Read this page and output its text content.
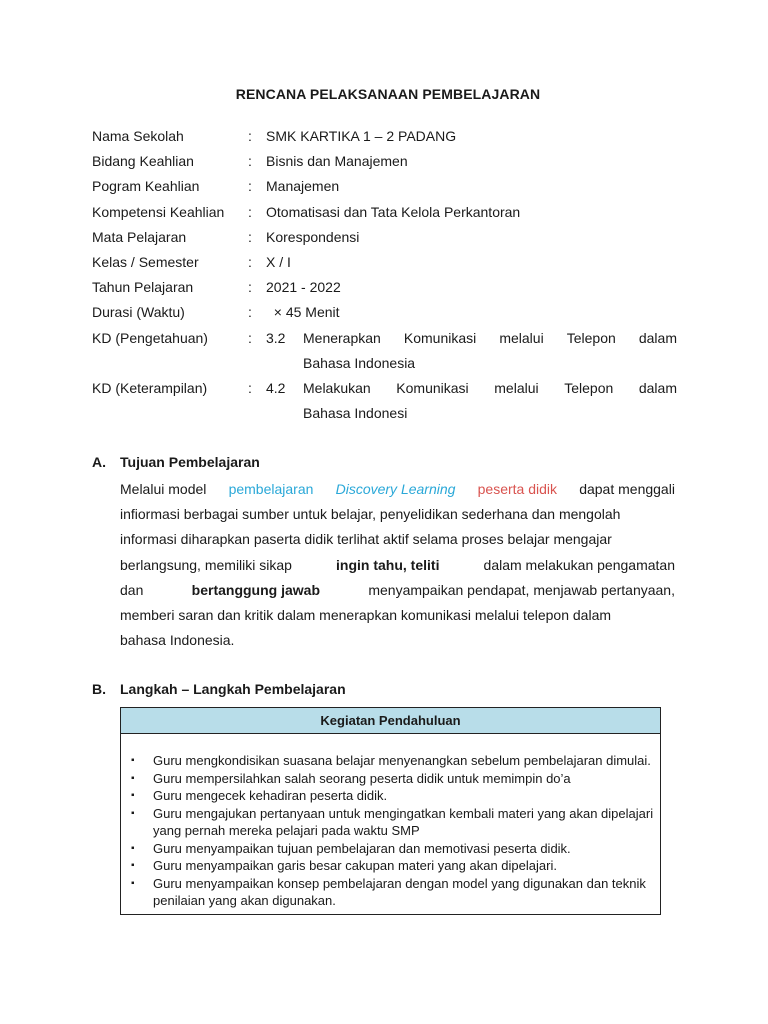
RENCANA PELAKSANAAN PEMBELAJARAN
Nama Sekolah	:	SMK KARTIKA 1 – 2 PADANG
Bidang Keahlian	:	Bisnis dan Manajemen
Pogram Keahlian	:	Manajemen
Kompetensi Keahlian	:	Otomatisasi dan Tata Kelola Perkantoran
Mata Pelajaran	:	Korespondensi
Kelas / Semester	:	X / I
Tahun Pelajaran	:	2021 - 2022
Durasi (Waktu)	:	× 45 Menit
KD (Pengetahuan)	:	3.2	Menerapkan Komunikasi melalui Telepon dalam
Bahasa Indonesia
KD (Keterampilan)	:	4.2	Melakukan Komunikasi melalui Telepon dalam
Bahasa Indonesi
A. Tujuan Pembelajaran
Melalui model pembelajaran Discovery Learning peserta didik dapat menggali
infiormasi berbagai sumber untuk belajar, penyelidikan sederhana dan mengolah
informasi diharapkan paserta didik terlihat aktif selama proses belajar mengajar
berlangsung, memiliki sikap	ingin tahu, teliti	dalam melakukan pengamatan
dan	bertanggung jawab	menyampaikan pendapat, menjawab pertanyaan,
memberi saran dan kritik dalam menerapkan komunikasi melalui telepon dalam
bahasa Indonesia.
B. Langkah – Langkah Pembelajaran
Kegiatan Pendahuluan
▪	Guru mengkondisikan suasana belajar menyenangkan sebelum pembelajaran dimulai.
▪	Guru mempersilahkan salah seorang peserta didik untuk memimpin do’a
▪	Guru mengecek kehadiran peserta didik.
▪	Guru mengajukan pertanyaan untuk mengingatkan kembali materi yang akan dipelajari yang pernah mereka pelajari pada waktu SMP
▪	Guru menyampaikan tujuan pembelajaran dan memotivasi peserta didik.
▪	Guru menyampaikan garis besar cakupan materi yang akan dipelajari.
▪	Guru menyampaikan konsep pembelajaran dengan model yang digunakan dan teknik penilaian yang akan digunakan.
